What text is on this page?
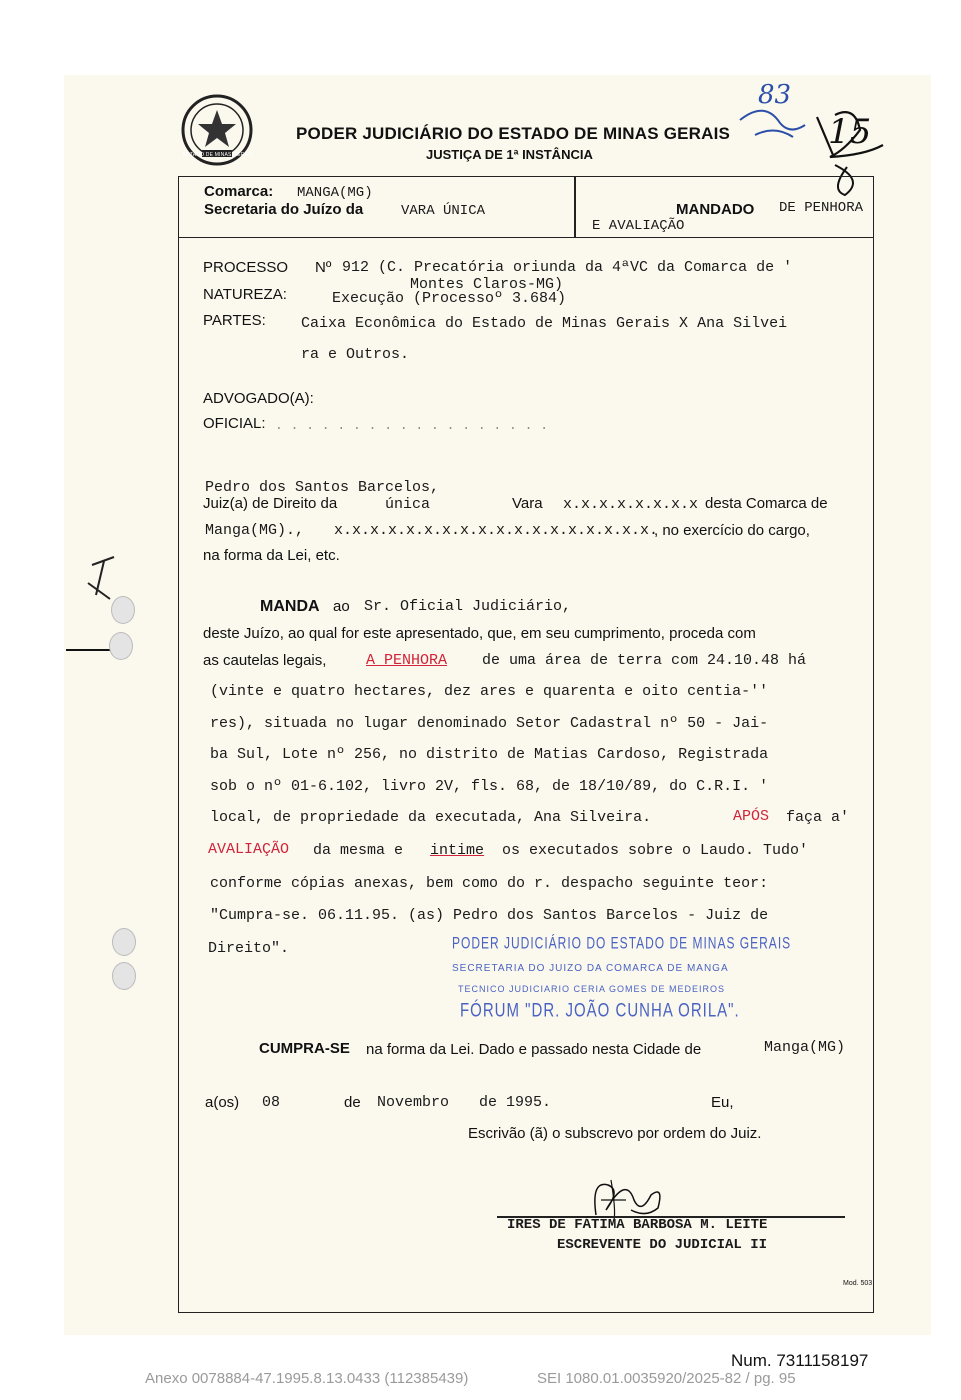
ESTADO DE MINAS GERAIS
PODER JUDICIÁRIO DO ESTADO DE MINAS GERAIS
JUSTIÇA DE 1ª INSTÂNCIA
83
15
Comarca: MANGA(MG)
Secretaria do Juízo da	VARA ÚNICA	MANDADO DE PENHORA
E AVALIAÇÃO
PROCESSO Nº 912 (C. Precatória oriunda da 4ªVC da Comarca de '
Montes Claros-MG)
NATUREZA:	Execução (Processoº 3.684)
PARTES: Caixa Econômica do Estado de Minas Gerais X Ana Silvei
ra e Outros.
ADVOGADO(A):
OFICIAL: . . . . . . . . . . . . . . . . . .
Pedro dos Santos Barcelos,
Juiz(a) de Direito da	única	Vara x.x.x.x.x.x.x.x desta Comarca de
Manga(MG)., x.x.x.x.x.x.x.x.x.x.x.x.x.x.x.x.x.x.
, no exercício do cargo,
na forma da Lei, etc.
MANDA ao Sr. Oficial Judiciário,
deste Juízo, ao qual for este apresentado, que, em seu cumprimento, proceda com
as cautelas legais,	A PENHORA de uma área de terra com 24.10.48 há
(vinte e quatro hectares, dez ares e quarenta e oito centia-''
res), situada no lugar denominado Setor Cadastral nº 50 - Jai-
ba Sul, Lote nº 256, no distrito de Matias Cardoso, Registrada
sob o nº 01-6.102, livro 2V, fls. 68, de 18/10/89, do C.R.I. '
local, de propriedade da executada, Ana Silveira.	APÓS faça a'
AVALIAÇÃO da mesma e intime os executados sobre o Laudo. Tudo'
conforme cópias anexas, bem como do r. despacho seguinte teor:
"Cumpra-se. 06.11.95. (as) Pedro dos Santos Barcelos - Juiz de
Direito".	PODER JUDICIÁRIO DO ESTADO DE MINAS GERAIS
SECRETARIA DO JUIZO DA COMARCA DE MANGA
TECNICO JUDICIARIO CERIA GOMES DE MEDEIROS
FÓRUM "DR. JOÃO CUNHA ORILA".
CUMPRA-SE na forma da Lei. Dado e passado nesta Cidade de	Manga(MG)
a(os) 08	de Novembro de 1995.	Eu,
Escrivão (ã) o subscrevo por ordem do Juiz.
IRES DE FÁTIMA BARBOSA M. LEITE
ESCREVENTE DO JUDICIAL II
Mod. 503
Num. 7311158197
Anexo 0078884-47.1995.8.13.0433 (112385439)	SEI 1080.01.0035920/2025-82 / pg. 95
